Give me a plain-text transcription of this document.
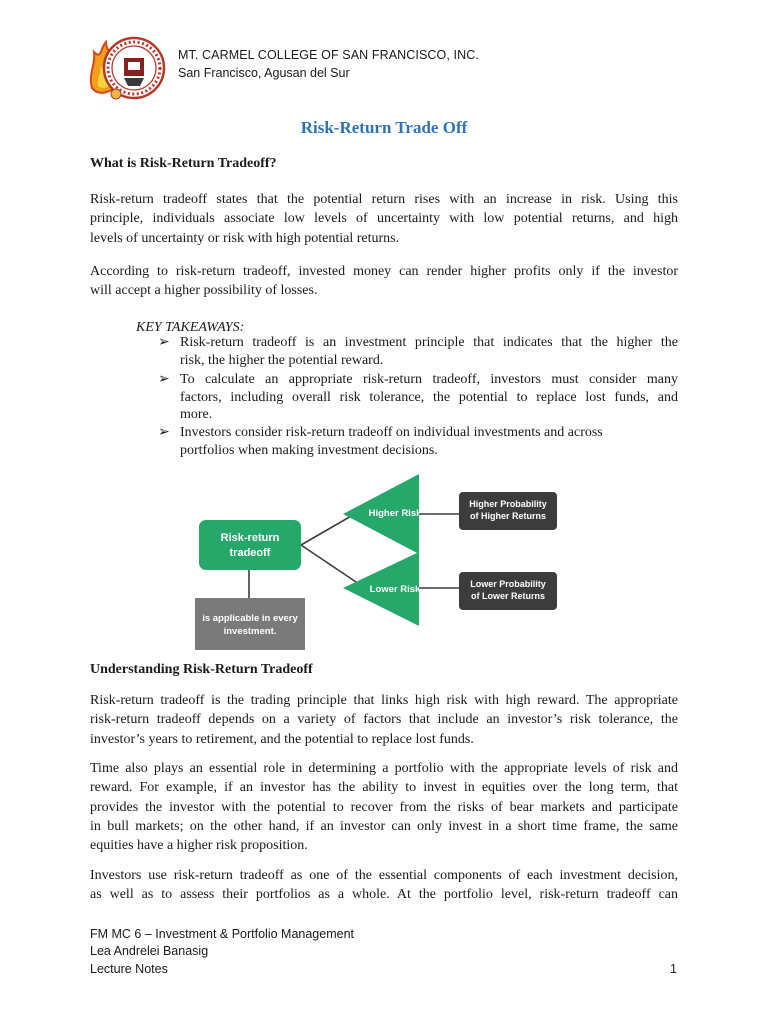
MT. CARMEL COLLEGE OF SAN FRANCISCO, INC.
San Francisco, Agusan del Sur
Risk-Return Trade Off
What is Risk-Return Tradeoff?
Risk-return tradeoff states that the potential return rises with an increase in risk. Using this
principle, individuals associate low levels of uncertainty with low potential returns, and high
levels of uncertainty or risk with high potential returns.
According to risk-return tradeoff, invested money can render higher profits only if the investor
will accept a higher possibility of losses.
KEY TAKEAWAYS:
➢ Risk-return tradeoff is an investment principle that indicates that the higher the
risk, the higher the potential reward.
➢ To calculate an appropriate risk-return tradeoff, investors must consider many
factors, including overall risk tolerance, the potential to replace lost funds, and
more.
➢ Investors consider risk-return tradeoff on individual investments and across
portfolios when making investment decisions.
Risk-return
tradeoff
Higher Risk
Lower Risk
Higher Probability
of Higher Returns
Lower Probability
of Lower Returns
is applicable in every
investment.
Understanding Risk-Return Tradeoff
Risk-return tradeoff is the trading principle that links high risk with high reward. The appropriate
risk-return tradeoff depends on a variety of factors that include an investor’s risk tolerance, the
investor’s years to retirement, and the potential to replace lost funds.
Time also plays an essential role in determining a portfolio with the appropriate levels of risk and
reward. For example, if an investor has the ability to invest in equities over the long term, that
provides the investor with the potential to recover from the risks of bear markets and participate
in bull markets; on the other hand, if an investor can only invest in a short time frame, the same
equities have a higher risk proposition.
Investors use risk-return tradeoff as one of the essential components of each investment decision,
as well as to assess their portfolios as a whole. At the portfolio level, risk-return tradeoff can
FM MC 6 – Investment & Portfolio Management
Lea Andrelei Banasig
Lecture Notes	1
